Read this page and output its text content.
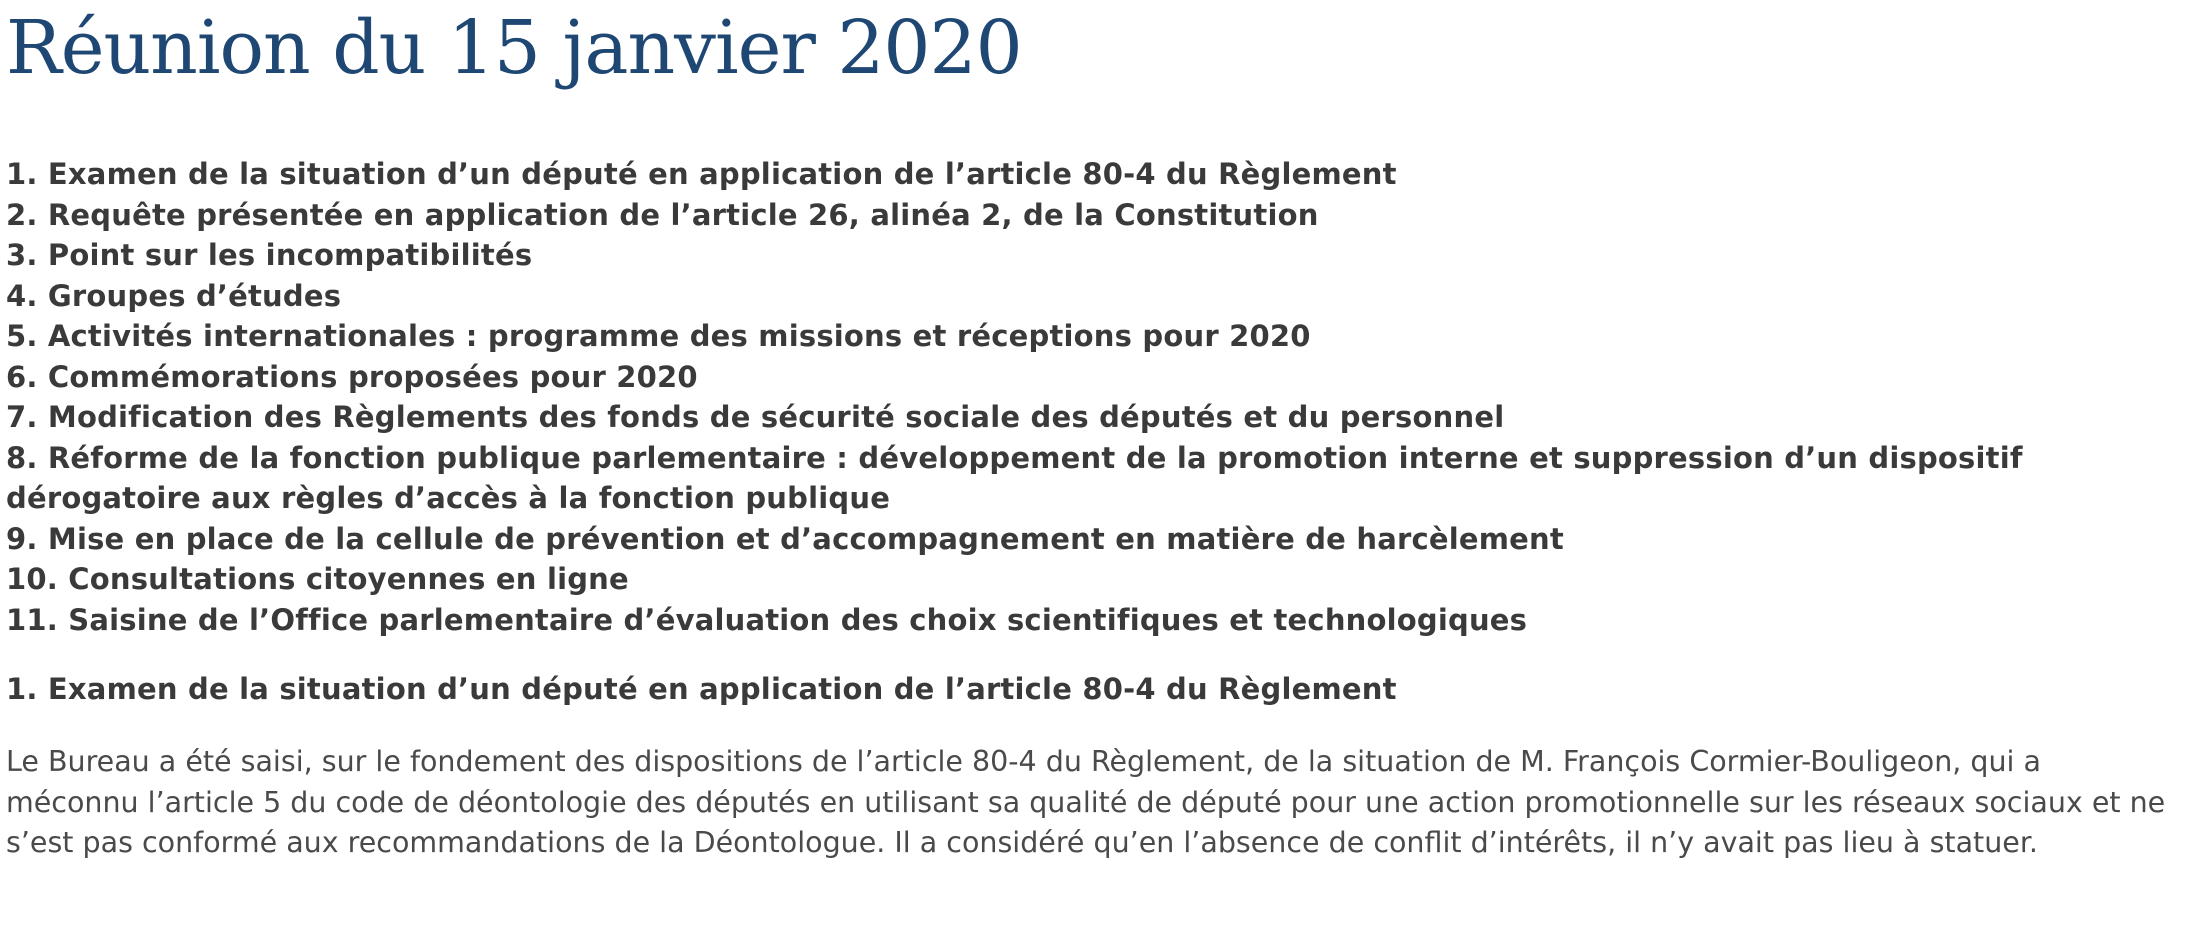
Réunion du 15 janvier 2020
1. Examen de la situation d’un député en application de l’article 80-4 du Règlement
2. Requête présentée en application de l’article 26, alinéa 2, de la Constitution
3. Point sur les incompatibilités
4. Groupes d’études
5. Activités internationales : programme des missions et réceptions pour 2020
6. Commémorations proposées pour 2020
7. Modification des Règlements des fonds de sécurité sociale des députés et du personnel
8. Réforme de la fonction publique parlementaire : développement de la promotion interne et suppression d’un dispositif dérogatoire aux règles d’accès à la fonction publique
9. Mise en place de la cellule de prévention et d’accompagnement en matière de harcèlement
10. Consultations citoyennes en ligne
11. Saisine de l’Office parlementaire d’évaluation des choix scientifiques et technologiques
1. Examen de la situation d’un député en application de l’article 80-4 du Règlement

Le Bureau a été saisi, sur le fondement des dispositions de l’article 80-4 du Règlement, de la situation de M. François Cormier-Bouligeon, qui a méconnu l’article 5 du code de déontologie des députés en utilisant sa qualité de député pour une action promotionnelle sur les réseaux sociaux et ne s’est pas conformé aux recommandations de la Déontologue. Il a considéré qu’en l’absence de conflit d’intérêts, il n’y avait pas lieu à statuer.
